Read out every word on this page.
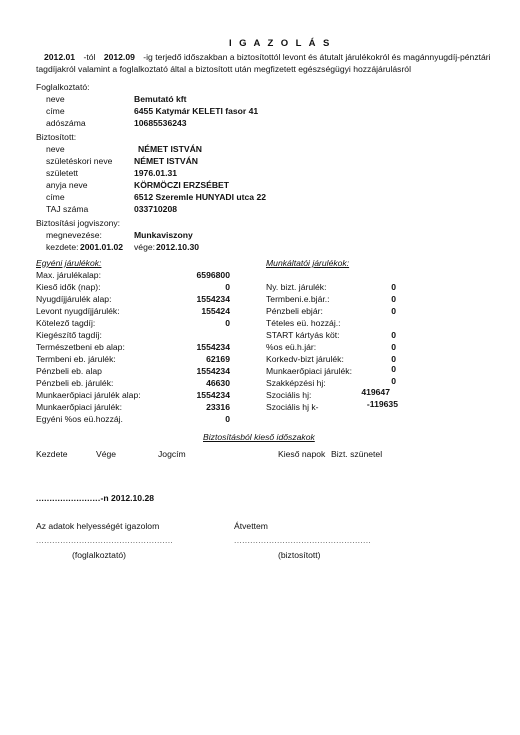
I G A Z O L Á S
2012.01 -tól 2012.09 -ig terjedő időszakban a biztosítottól levont és átutalt járulékokról és magánnyugdíj-pénztári tagdíjakról valamint a foglalkoztató által a biztosított után megfizetett egészségügyi hozzájárulásról
Foglalkoztató:
neve	Bemutató kft
címe	6455 Katymár KELETI fasor 41
adószáma	10685536243
Biztosított:
neve	NÉMET ISTVÁN
születéskori neve	NÉMET ISTVÁN
született	1976.01.31
anyja neve	KÖRMÖCZI ERZSÉBET
címe	6512 Szeremle HUNYADI utca 22
TAJ száma	033710208
Biztosítási jogviszony:
megnevezése:	Munkaviszony
kezdete: 2001.01.02 vége: 2012.10.30
Egyéni járulékok:
Max. járulékalap:	6596800
Kieső idők (nap):	0
Nyugdíjjárulék alap:	1554234
Levont nyugdíjjárulék:	155424
Kötelező tagdíj:	0
Kiegészítő tagdíj:
Természetbeni eb alap:	1554234
Termbeni eb. járulék:	62169
Pénzbeli eb. alap	1554234
Pénzbeli eb. járulék:	46630
Munkaerőpiaci járulék alap:	1554234
Munkaerőpiaci járulék:	23316
Egyéni %os eü.hozzáj.	0
Munkáltatói járulékok:
Ny. bizt. járulék:	0
Termbeni.e.bjár.:	0
Pénzbeli ebjár:	0
Tételes eü. hozzáj.:
START kártyás köt:	0
%os eü.h.jár:	0
Korkedv-bizt járulék:	0
Munkaerőpiaci járulék:	0
Szakképzési hj:	0
Szociális hj:	419647
Szociális hj k-	-119635
Biztosításból kieső időszakok
Kezdete	Vége	Jogcím	Kieső napok Bizt. szünetel
........................-n 2012.10.28
Az adatok helyességét igazolom	Átvettem
...................................................	...................................................
(foglalkoztató)	(biztosított)
